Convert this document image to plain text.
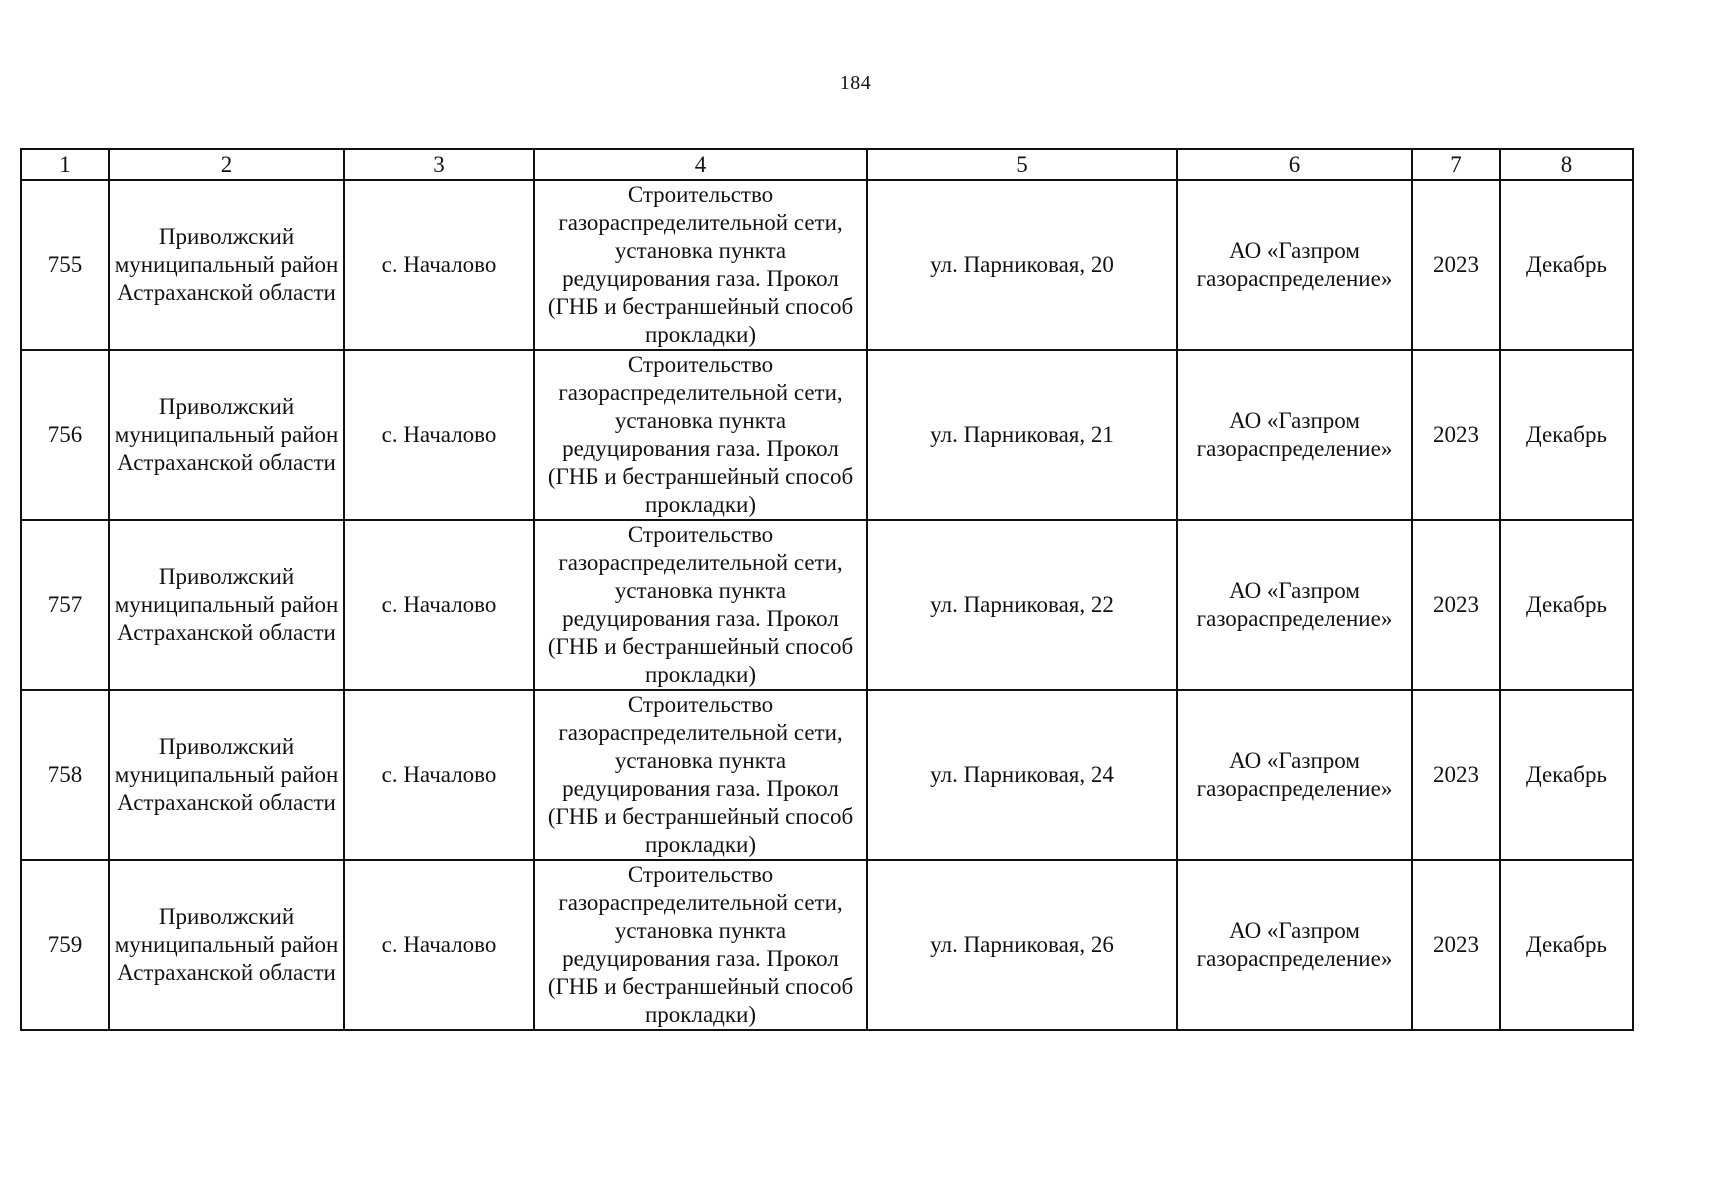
184
1	2	3	4	5	6	7	8
755	Приволжский муниципальный район Астраханской области	с. Началово	Строительство газораспределительной сети, установка пункта редуцирования газа. Прокол (ГНБ и бестраншейный способ прокладки)	ул. Парниковая, 20	АО «Газпром газораспределение»	2023	Декабрь
756	Приволжский муниципальный район Астраханской области	с. Началово	Строительство газораспределительной сети, установка пункта редуцирования газа. Прокол (ГНБ и бестраншейный способ прокладки)	ул. Парниковая, 21	АО «Газпром газораспределение»	2023	Декабрь
757	Приволжский муниципальный район Астраханской области	с. Началово	Строительство газораспределительной сети, установка пункта редуцирования газа. Прокол (ГНБ и бестраншейный способ прокладки)	ул. Парниковая, 22	АО «Газпром газораспределение»	2023	Декабрь
758	Приволжский муниципальный район Астраханской области	с. Началово	Строительство газораспределительной сети, установка пункта редуцирования газа. Прокол (ГНБ и бестраншейный способ прокладки)	ул. Парниковая, 24	АО «Газпром газораспределение»	2023	Декабрь
759	Приволжский муниципальный район Астраханской области	с. Началово	Строительство газораспределительной сети, установка пункта редуцирования газа. Прокол (ГНБ и бестраншейный способ прокладки)	ул. Парниковая, 26	АО «Газпром газораспределение»	2023	Декабрь
